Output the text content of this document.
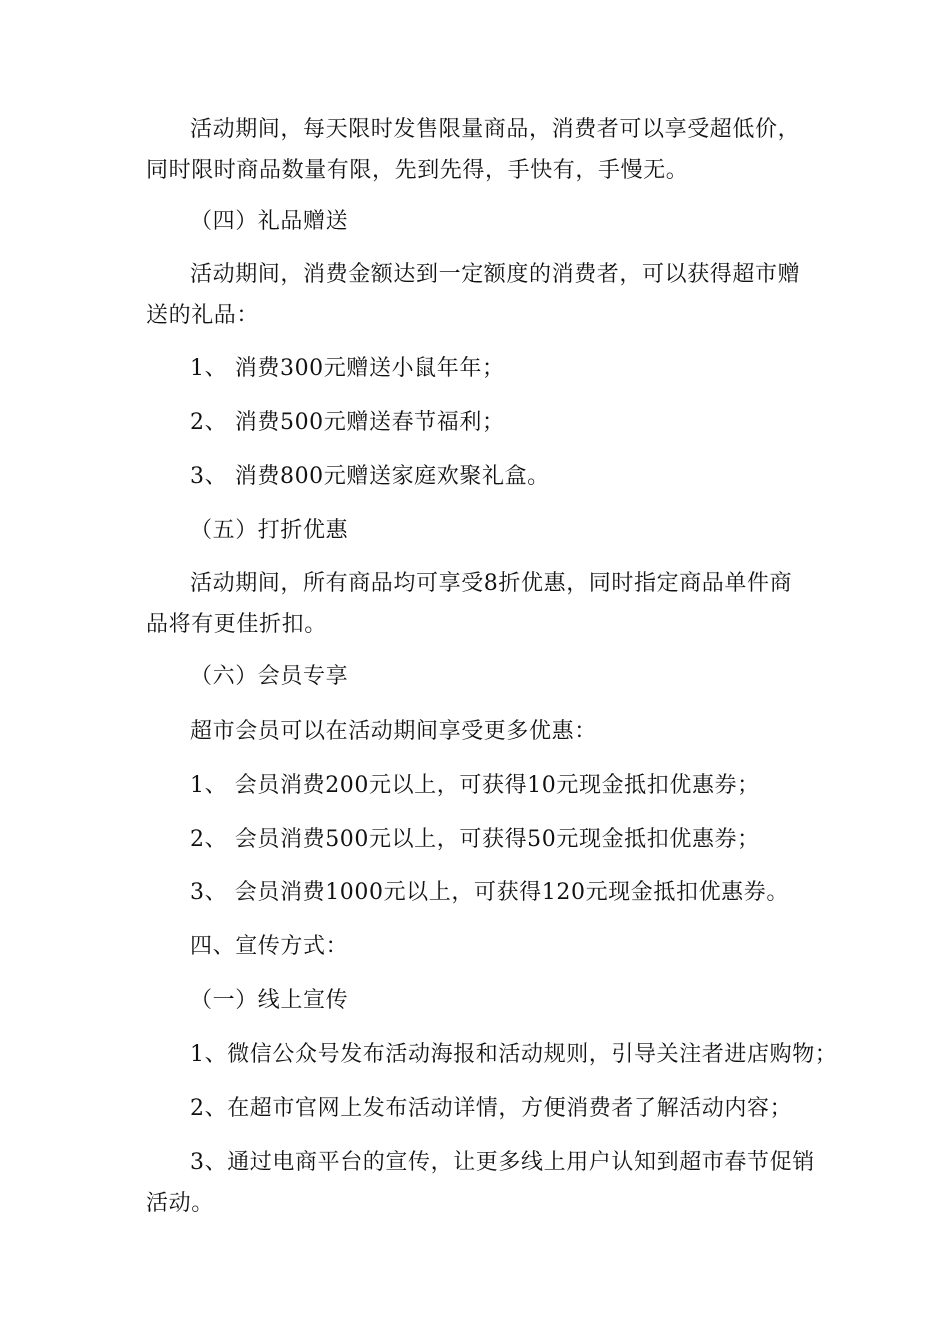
活动期间，每天限时发售限量商品，消费者可以享受超低价，
同时限时商品数量有限，先到先得，手快有，手慢无。
（四）礼品赠送
活动期间，消费金额达到一定额度的消费者，可以获得超市赠
送的礼品：
1、 消费300元赠送小鼠年年；
2、 消费500元赠送春节福利；
3、 消费800元赠送家庭欢聚礼盒。
（五）打折优惠
活动期间，所有商品均可享受8折优惠，同时指定商品单件商
品将有更佳折扣。
（六）会员专享
超市会员可以在活动期间享受更多优惠：
1、 会员消费200元以上，可获得10元现金抵扣优惠券；
2、 会员消费500元以上，可获得50元现金抵扣优惠券；
3、 会员消费1000元以上，可获得120元现金抵扣优惠券。
四、宣传方式：
（一）线上宣传
1、微信公众号发布活动海报和活动规则，引导关注者进店购物；
2、在超市官网上发布活动详情，方便消费者了解活动内容；
3、通过电商平台的宣传，让更多线上用户认知到超市春节促销
活动。
